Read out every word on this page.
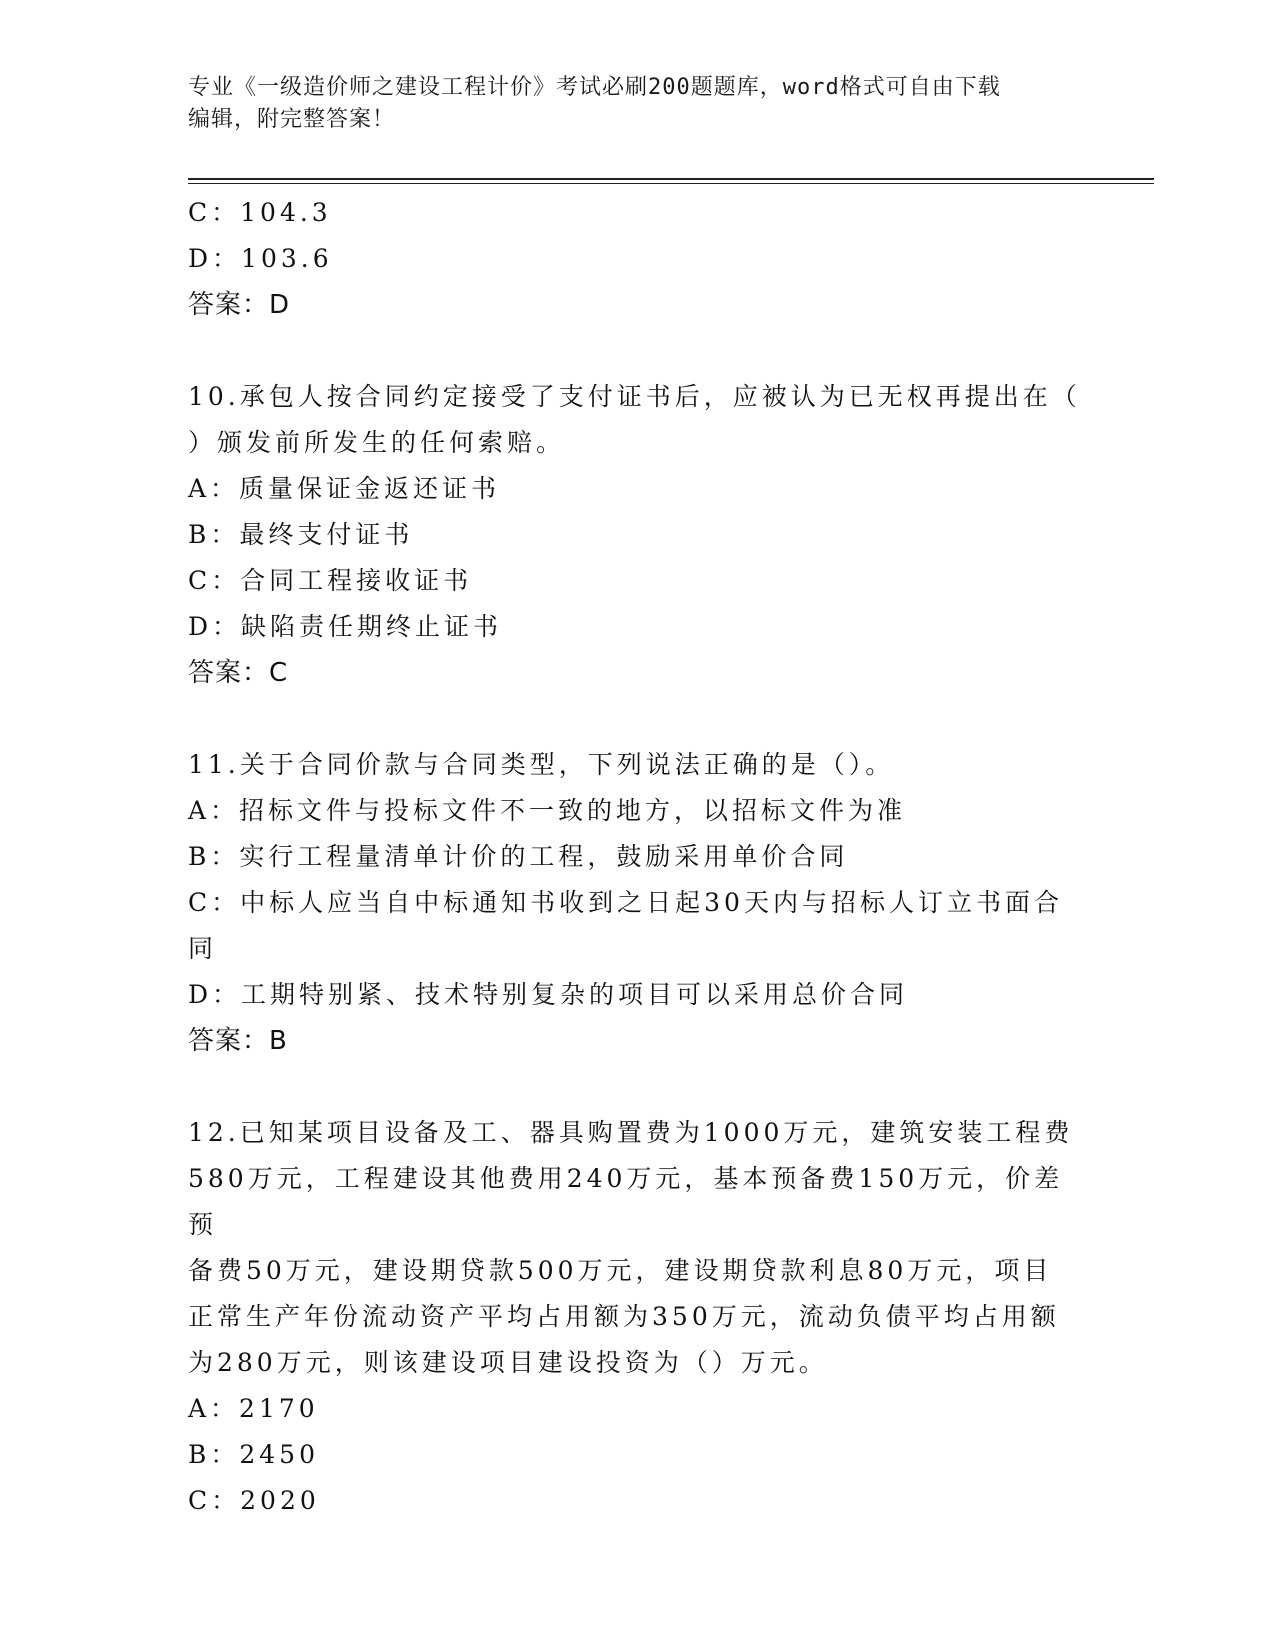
专业《一级造价师之建设工程计价》考试必刷200题题库，word格式可自由下载
编辑，附完整答案！
C：104.3
D：103.6
答案：D
10.承包人按合同约定接受了支付证书后，应被认为已无权再提出在（
）颁发前所发生的任何索赔。
A：质量保证金返还证书
B：最终支付证书
C：合同工程接收证书
D：缺陷责任期终止证书
答案：C
11.关于合同价款与合同类型，下列说法正确的是（）。
A：招标文件与投标文件不一致的地方，以招标文件为准
B：实行工程量清单计价的工程，鼓励采用单价合同
C：中标人应当自中标通知书收到之日起30天内与招标人订立书面合
同
D：工期特别紧、技术特别复杂的项目可以采用总价合同
答案：B
12.已知某项目设备及工、器具购置费为1000万元，建筑安装工程费
580万元，工程建设其他费用240万元，基本预备费150万元，价差预
备费50万元，建设期贷款500万元，建设期贷款利息80万元，项目
正常生产年份流动资产平均占用额为350万元，流动负债平均占用额
为280万元，则该建设项目建设投资为（）万元。
A：2170
B：2450
C：2020
